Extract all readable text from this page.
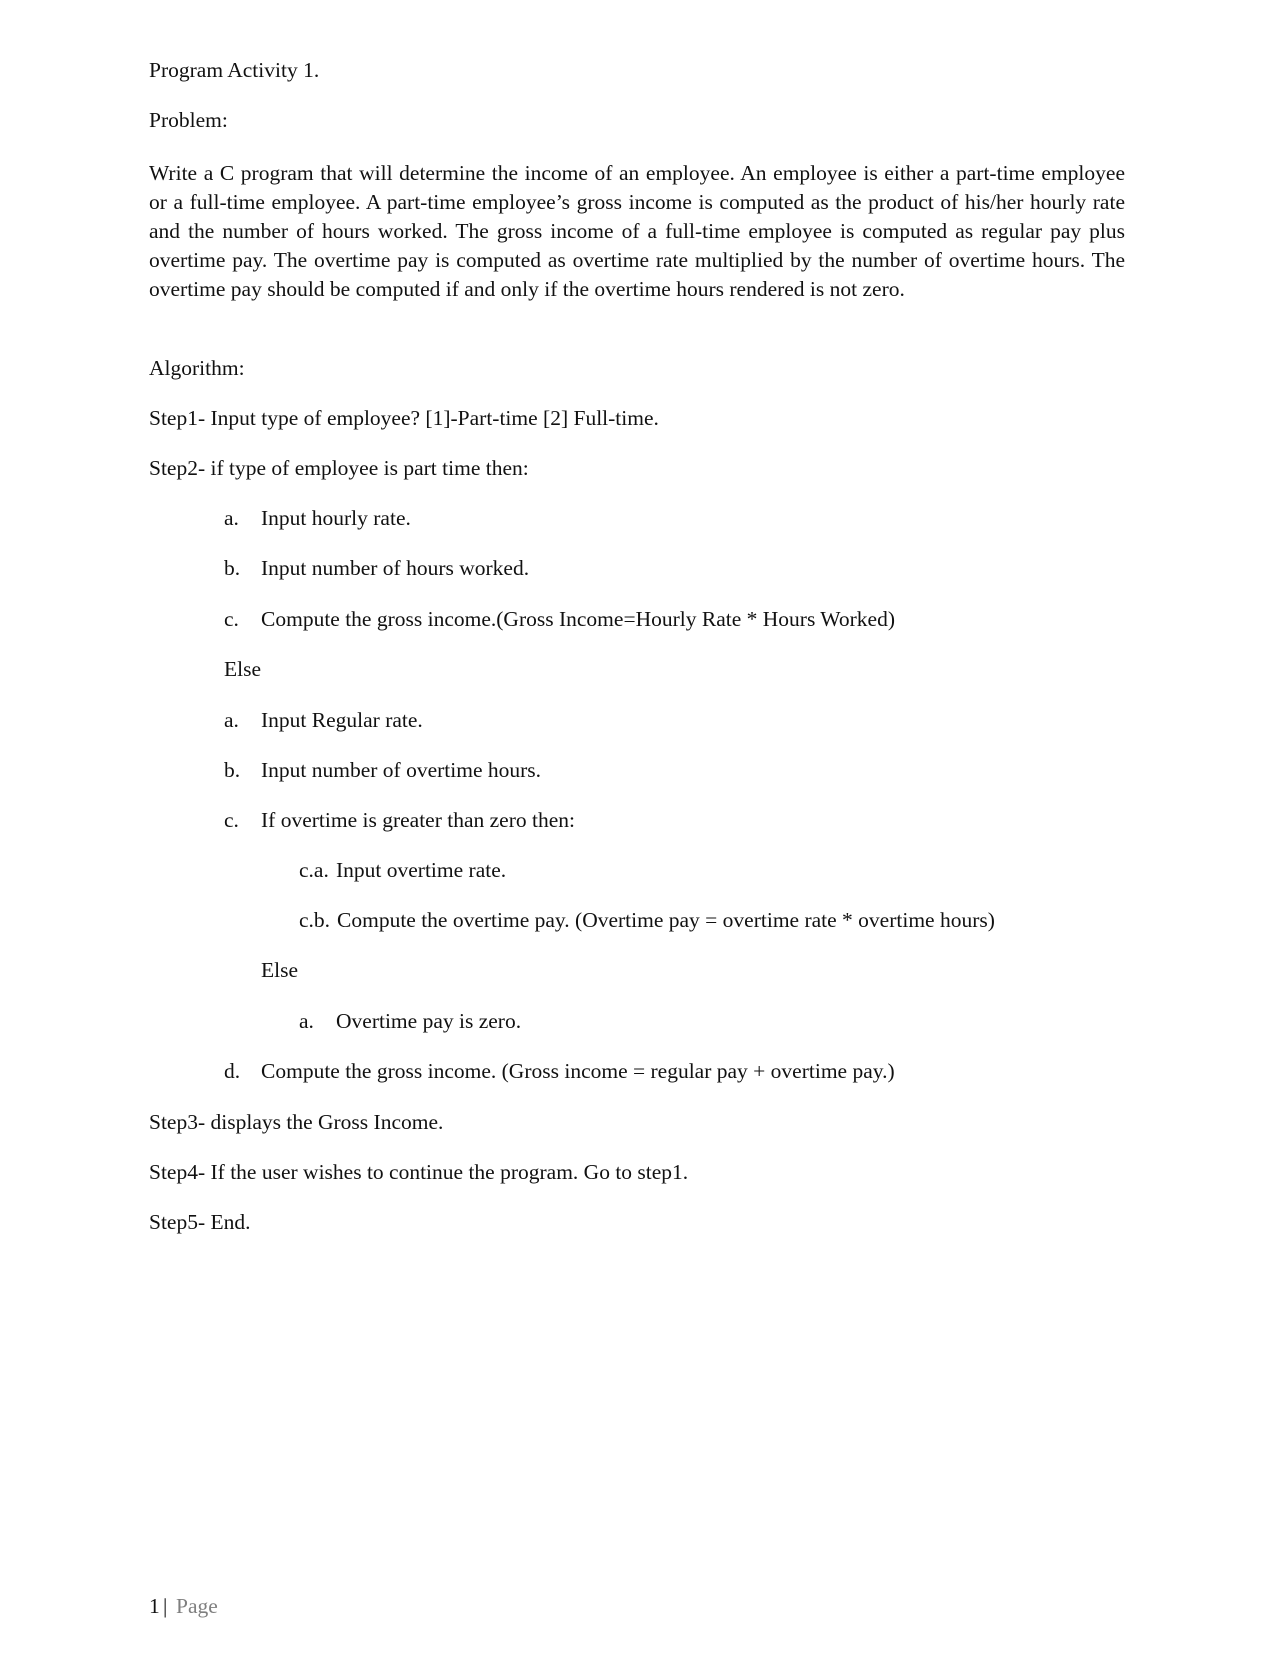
Program Activity 1.
Problem:
Write a C program that will determine the income of an employee. An employee is either a part-time employee or a full-time employee. A part-time employee’s gross income is computed as the product of his/her hourly rate and the number of hours worked. The gross income of a full-time employee is computed as regular pay plus overtime pay. The overtime pay is computed as overtime rate multiplied by the number of overtime hours. The overtime pay should be computed if and only if the overtime hours rendered is not zero.
Algorithm:
Step1- Input type of employee? [1]-Part-time [2] Full-time.
Step2- if type of employee is part time then:
a. Input hourly rate.
b. Input number of hours worked.
c. Compute the gross income.(Gross Income=Hourly Rate * Hours Worked)
Else
a. Input Regular rate.
b. Input number of overtime hours.
c. If overtime is greater than zero then:
c.a. Input overtime rate.
c.b. Compute the overtime pay. (Overtime pay = overtime rate * overtime hours)
Else
a. Overtime pay is zero.
d. Compute the gross income. (Gross income = regular pay + overtime pay.)
Step3- displays the Gross Income.
Step4- If the user wishes to continue the program. Go to step1.
Step5- End.
1 | Page
